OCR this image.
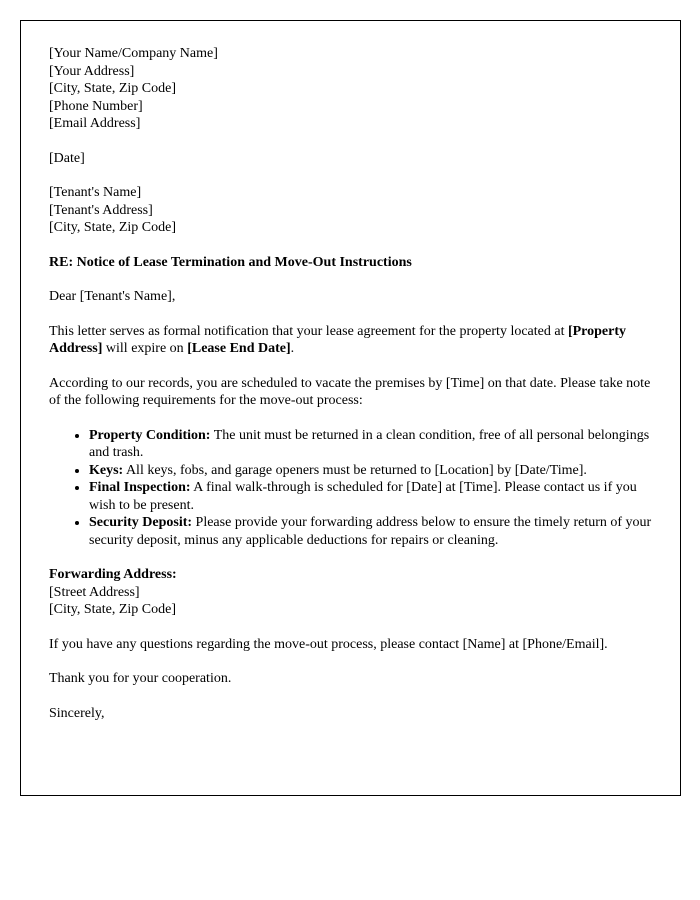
[Your Name/Company Name]
[Your Address]
[City, State, Zip Code]
[Phone Number]
[Email Address]
[Date]
[Tenant's Name]
[Tenant's Address]
[City, State, Zip Code]
RE: Notice of Lease Termination and Move-Out Instructions
Dear [Tenant's Name],

This letter serves as formal notification that your lease agreement for the property located at [Property Address] will expire on [Lease End Date].

According to our records, you are scheduled to vacate the premises by [Time] on that date. Please take note of the following requirements for the move-out process:

• Property Condition: The unit must be returned in a clean condition, free of all personal belongings and trash.
• Keys: All keys, fobs, and garage openers must be returned to [Location] by [Date/Time].
• Final Inspection: A final walk-through is scheduled for [Date] at [Time]. Please contact us if you wish to be present.
• Security Deposit: Please provide your forwarding address below to ensure the timely return of your security deposit, minus any applicable deductions for repairs or cleaning.
Forwarding Address:
[Street Address]
[City, State, Zip Code]

If you have any questions regarding the move-out process, please contact [Name] at [Phone/Email].

Thank you for your cooperation.

Sincerely,
